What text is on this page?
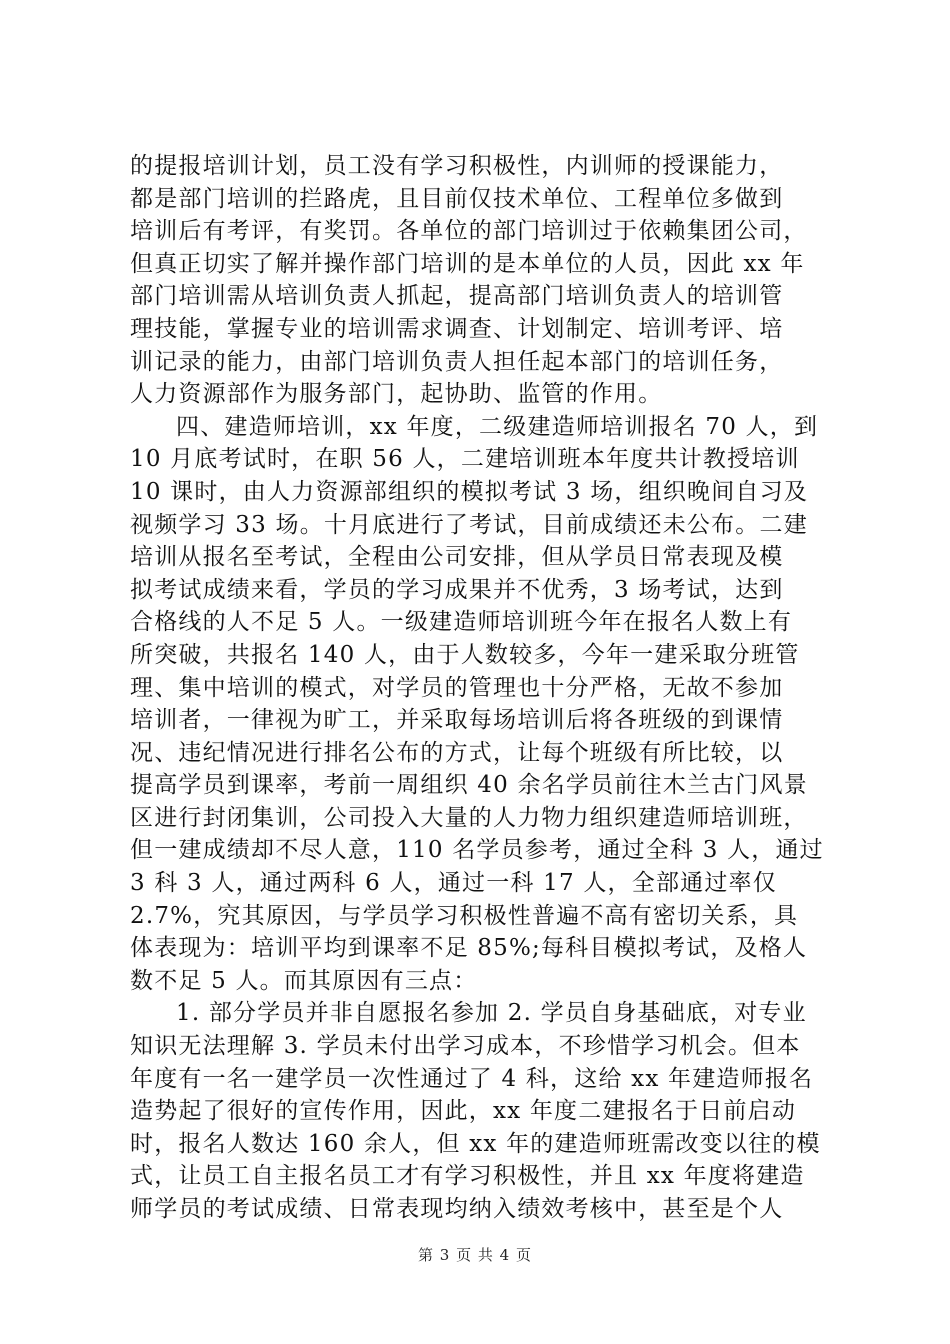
的提报培训计划，员工没有学习积极性，内训师的授课能力，
都是部门培训的拦路虎，且目前仅技术单位、工程单位多做到
培训后有考评，有奖罚。各单位的部门培训过于依赖集团公司，
但真正切实了解并操作部门培训的是本单位的人员，因此 xx 年
部门培训需从培训负责人抓起，提高部门培训负责人的培训管
理技能，掌握专业的培训需求调查、计划制定、培训考评、培
训记录的能力，由部门培训负责人担任起本部门的培训任务，
人力资源部作为服务部门，起协助、监管的作用。
四、建造师培训，xx 年度，二级建造师培训报名 70 人，到
10 月底考试时，在职 56 人，二建培训班本年度共计教授培训
10 课时，由人力资源部组织的模拟考试 3 场，组织晚间自习及
视频学习 33 场。十月底进行了考试，目前成绩还未公布。二建
培训从报名至考试，全程由公司安排，但从学员日常表现及模
拟考试成绩来看，学员的学习成果并不优秀，3 场考试，达到
合格线的人不足 5 人。一级建造师培训班今年在报名人数上有
所突破，共报名 140 人，由于人数较多，今年一建采取分班管
理、集中培训的模式，对学员的管理也十分严格，无故不参加
培训者，一律视为旷工，并采取每场培训后将各班级的到课情
况、违纪情况进行排名公布的方式，让每个班级有所比较，以
提高学员到课率，考前一周组织 40 余名学员前往木兰古门风景
区进行封闭集训，公司投入大量的人力物力组织建造师培训班，
但一建成绩却不尽人意，110 名学员参考，通过全科 3 人，通过
3 科 3 人，通过两科 6 人，通过一科 17 人，全部通过率仅
2.7%，究其原因，与学员学习积极性普遍不高有密切关系，具
体表现为：培训平均到课率不足 85%;每科目模拟考试，及格人
数不足 5 人。而其原因有三点：
1. 部分学员并非自愿报名参加 2. 学员自身基础底，对专业
知识无法理解 3. 学员未付出学习成本，不珍惜学习机会。但本
年度有一名一建学员一次性通过了 4 科，这给 xx 年建造师报名
造势起了很好的宣传作用，因此，xx 年度二建报名于日前启动
时，报名人数达 160 余人，但 xx 年的建造师班需改变以往的模
式，让员工自主报名员工才有学习积极性，并且 xx 年度将建造
师学员的考试成绩、日常表现均纳入绩效考核中，甚至是个人
第 3 页 共 4 页
